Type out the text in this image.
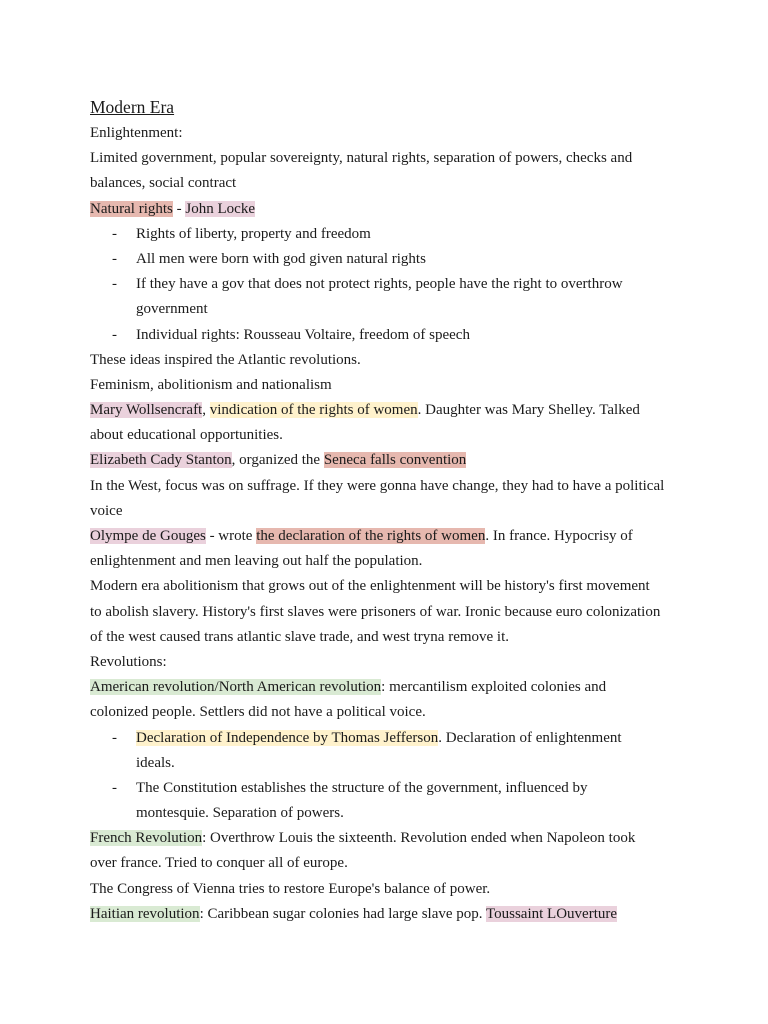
Modern Era
Enlightenment:
Limited government, popular sovereignty, natural rights, separation of powers, checks and
balances, social contract
Natural rights - John Locke
- Rights of liberty, property and freedom
- All men were born with god given natural rights
- If they have a gov that does not protect rights, people have the right to overthrow
government
- Individual rights: Rousseau Voltaire, freedom of speech
These ideas inspired the Atlantic revolutions.
Feminism, abolitionism and nationalism
Mary Wollsencraft, vindication of the rights of women. Daughter was Mary Shelley. Talked
about educational opportunities.
Elizabeth Cady Stanton, organized the Seneca falls convention
In the West, focus was on suffrage. If they were gonna have change, they had to have a political
voice
Olympe de Gouges - wrote the declaration of the rights of women. In france. Hypocrisy of
enlightenment and men leaving out half the population.
Modern era abolitionism that grows out of the enlightenment will be history's first movement
to abolish slavery. History's first slaves were prisoners of war. Ironic because euro colonization
of the west caused trans atlantic slave trade, and west tryna remove it.
Revolutions:
American revolution/North American revolution: mercantilism exploited colonies and
colonized people. Settlers did not have a political voice.
- Declaration of Independence by Thomas Jefferson. Declaration of enlightenment
ideals.
- The Constitution establishes the structure of the government, influenced by
montesquie. Separation of powers.
French Revolution: Overthrow Louis the sixteenth. Revolution ended when Napoleon took
over france. Tried to conquer all of europe.
The Congress of Vienna tries to restore Europe's balance of power.
Haitian revolution: Caribbean sugar colonies had large slave pop. Toussaint LOuverture
